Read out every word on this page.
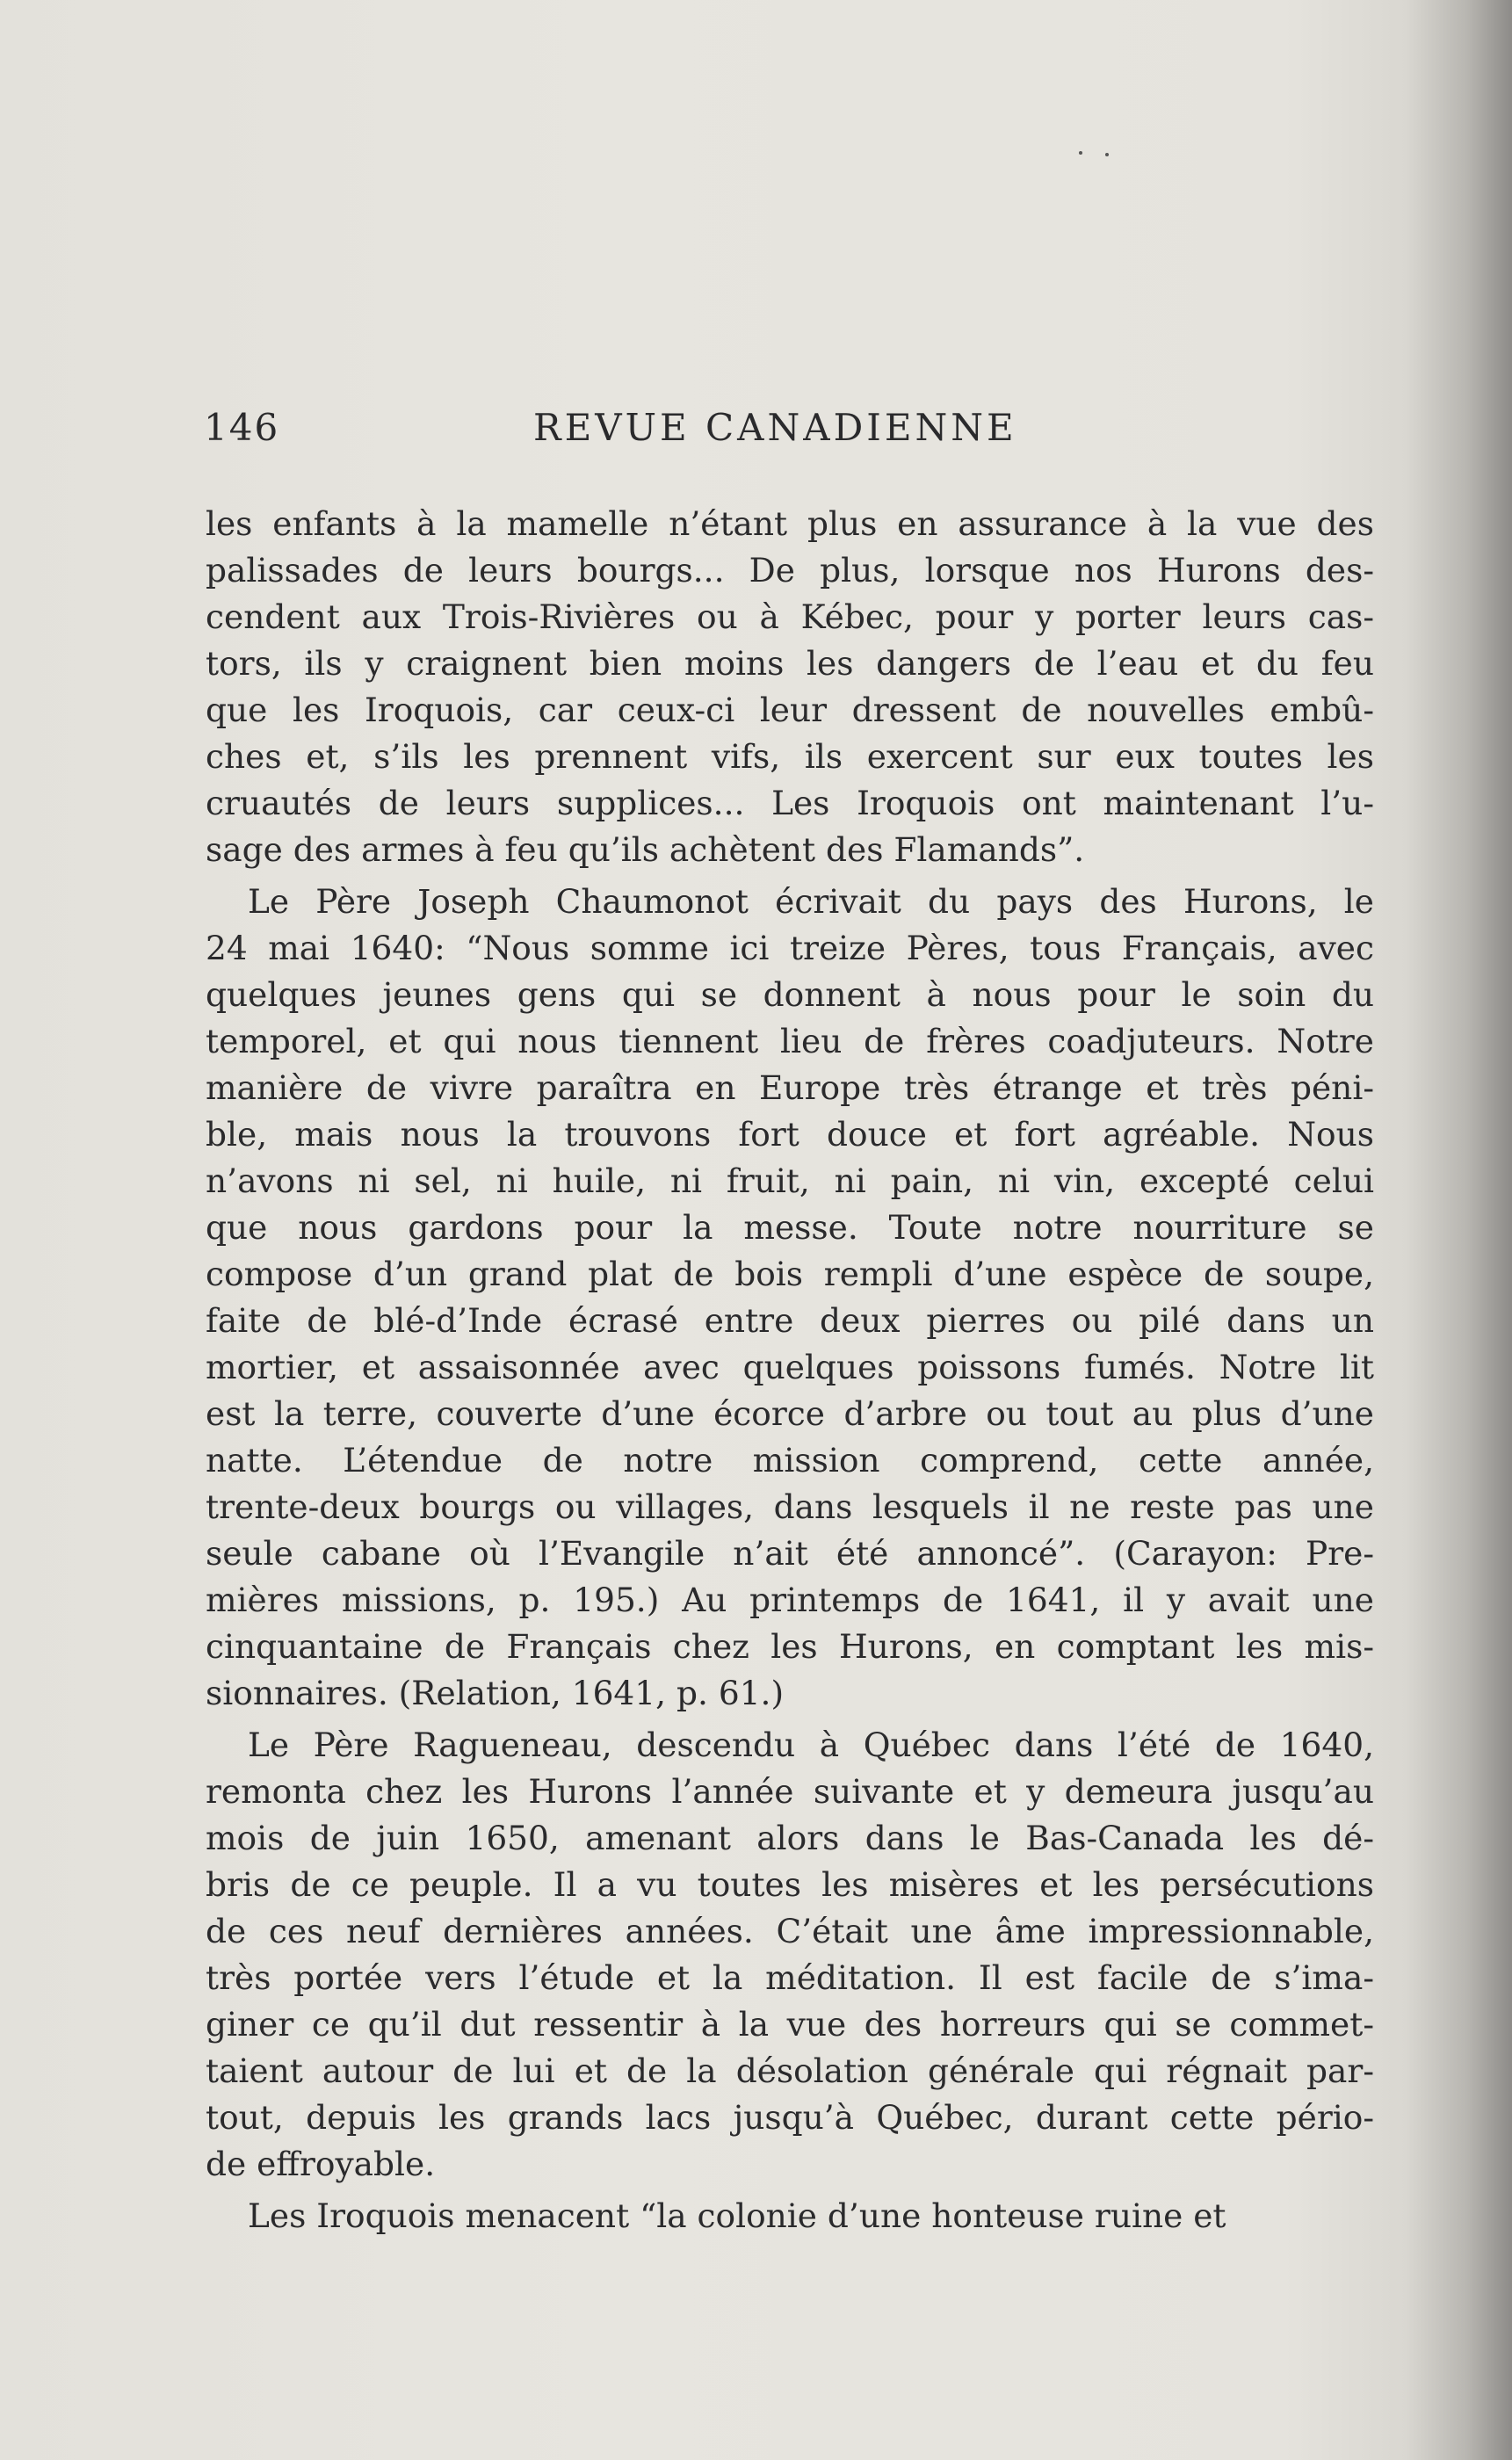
146	REVUE CANADIENNE
les enfants à la mamelle n’étant plus en assurance à la vue des
palissades de leurs bourgs... De plus, lorsque nos Hurons des-
cendent aux Trois-Rivières ou à Kébec, pour y porter leurs cas-
tors, ils y craignent bien moins les dangers de l’eau et du feu
que les Iroquois, car ceux-ci leur dressent de nouvelles embû-
ches et, s’ils les prennent vifs, ils exercent sur eux toutes les
cruautés de leurs supplices... Les Iroquois ont maintenant l’u-
sage des armes à feu qu’ils achètent des Flamands”.
Le Père Joseph Chaumonot écrivait du pays des Hurons, le
24 mai 1640: “Nous somme ici treize Pères, tous Français, avec
quelques jeunes gens qui se donnent à nous pour le soin du
temporel, et qui nous tiennent lieu de frères coadjuteurs. Notre
manière de vivre paraîtra en Europe très étrange et très péni-
ble, mais nous la trouvons fort douce et fort agréable. Nous
n’avons ni sel, ni huile, ni fruit, ni pain, ni vin, excepté celui
que nous gardons pour la messe. Toute notre nourriture se
compose d’un grand plat de bois rempli d’une espèce de soupe,
faite de blé-d’Inde écrasé entre deux pierres ou pilé dans un
mortier, et assaisonnée avec quelques poissons fumés. Notre lit
est la terre, couverte d’une écorce d’arbre ou tout au plus d’une
natte. L’étendue de notre mission comprend, cette année,
trente-deux bourgs ou villages, dans lesquels il ne reste pas une
seule cabane où l’Evangile n’ait été annoncé”. (Carayon: Pre-
mières missions, p. 195.) Au printemps de 1641, il y avait une
cinquantaine de Français chez les Hurons, en comptant les mis-
sionnaires. (Relation, 1641, p. 61.)
Le Père Ragueneau, descendu à Québec dans l’été de 1640,
remonta chez les Hurons l’année suivante et y demeura jusqu’au
mois de juin 1650, amenant alors dans le Bas-Canada les dé-
bris de ce peuple. Il a vu toutes les misères et les persécutions
de ces neuf dernières années. C’était une âme impressionnable,
très portée vers l’étude et la méditation. Il est facile de s’ima-
giner ce qu’il dut ressentir à la vue des horreurs qui se commet-
taient autour de lui et de la désolation générale qui régnait par-
tout, depuis les grands lacs jusqu’à Québec, durant cette pério-
de effroyable.
Les Iroquois menacent “la colonie d’une honteuse ruine et
